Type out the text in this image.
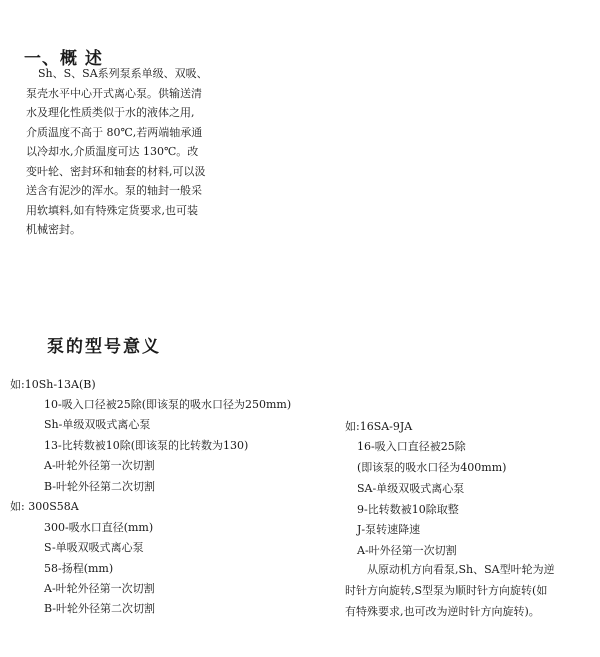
一、概 述
Sh、S、SA系列泵系单级、双吸、
泵壳水平中心开式离心泵。供输送清
水及理化性质类似于水的液体之用,
介质温度不高于 80℃,若两端轴承通
以冷却水,介质温度可达 130℃。改
变叶轮、密封环和轴套的材料,可以汲
送含有泥沙的浑水。泵的轴封一般采
用软填料,如有特殊定货要求,也可装
机械密封。
泵的型号意义
如:10Sh-13A(B)
10-吸入口径被25除(即该泵的吸水口径为250mm)
Sh-单级双吸式离心泵
13-比转数被10除(即该泵的比转数为130)
A-叶轮外径第一次切割
B-叶轮外径第二次切割
如: 300S58A
300-吸水口直径(mm)
S-单吸双吸式离心泵
58-扬程(mm)
A-叶轮外径第一次切割
B-叶轮外径第二次切割
如:16SA-9JA
16-吸入口直径被25除
(即该泵的吸水口径为400mm)
SA-单级双吸式离心泵
9-比转数被10除取整
J-泵转速降速
A-叶外径第一次切割
从原动机方向看泵,Sh、SA型叶轮为逆
时针方向旋转,S型泵为顺时针方向旋转(如
有特殊要求,也可改为逆时针方向旋转)。
